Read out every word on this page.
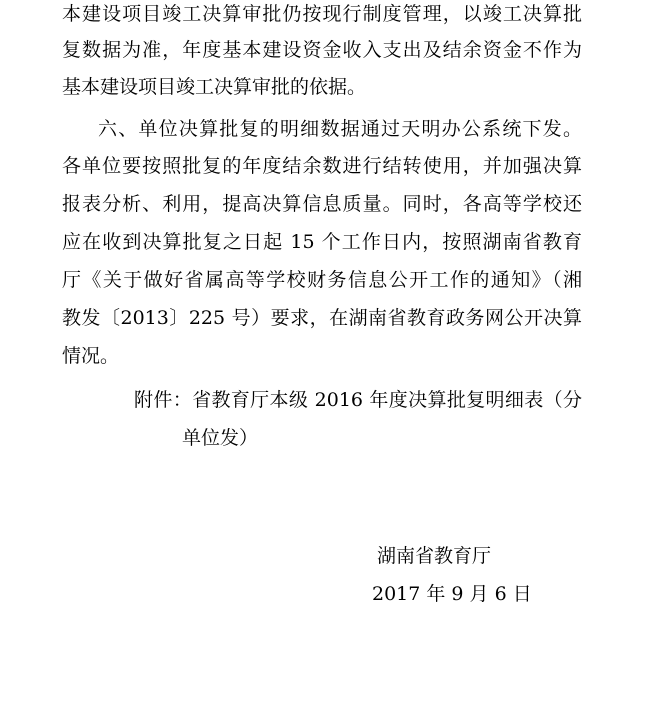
本建设项目竣工决算审批仍按现行制度管理，以竣工决算批
复数据为准，年度基本建设资金收入支出及结余资金不作为
基本建设项目竣工决算审批的依据。
六、单位决算批复的明细数据通过天明办公系统下发。
各单位要按照批复的年度结余数进行结转使用，并加强决算
报表分析、利用，提高决算信息质量。同时，各高等学校还
应在收到决算批复之日起 15 个工作日内，按照湖南省教育
厅《关于做好省属高等学校财务信息公开工作的通知》（湘
教发〔2013〕225 号）要求，在湖南省教育政务网公开决算
情况。
附件：省教育厅本级 2016 年度决算批复明细表（分
单位发）
湖南省教育厅
2017 年 9 月 6 日
